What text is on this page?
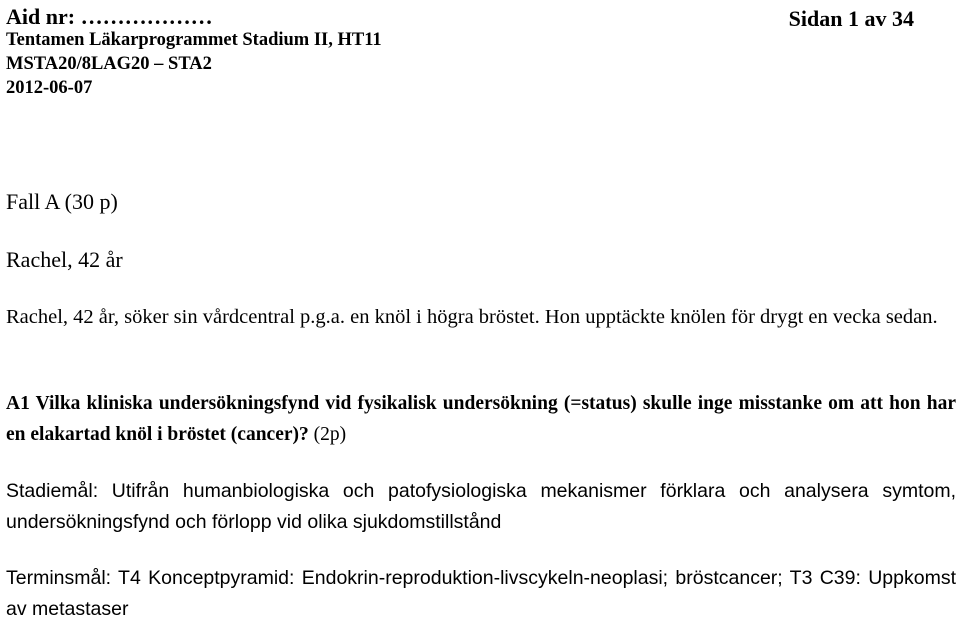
Aid nr: ………………	Sidan 1 av 34
Tentamen Läkarprogrammet Stadium II, HT11
MSTA20/8LAG20 – STA2
2012-06-07
Fall A (30 p)
Rachel, 42 år
Rachel, 42 år, söker sin vårdcentral p.g.a. en knöl i högra bröstet. Hon upptäckte knölen för drygt en vecka sedan.
A1 Vilka kliniska undersökningsfynd vid fysikalisk undersökning (=status) skulle inge misstanke om att hon har en elakartad knöl i bröstet (cancer)? (2p)
Stadiemål: Utifrån humanbiologiska och patofysiologiska mekanismer förklara och analysera symtom, undersökningsfynd och förlopp vid olika sjukdomstillstånd
Terminsmål: T4 Konceptpyramid: Endokrin-reproduktion-livscykeln-neoplasi; bröstcancer; T3 C39: Uppkomst av metastaser
